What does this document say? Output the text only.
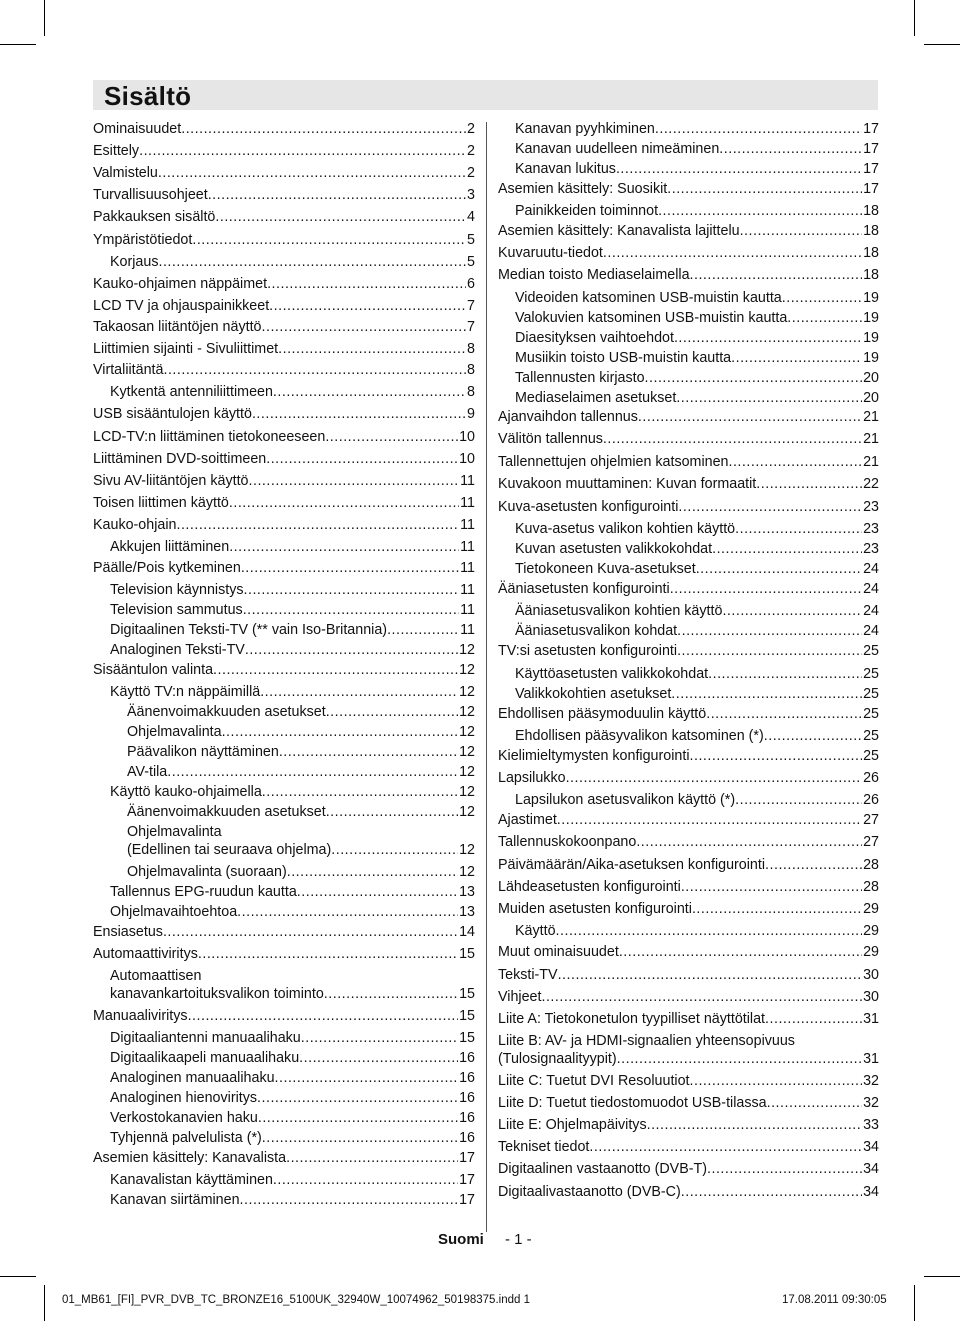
Sisältö
Ominaisuudet .....	2
Esittely .....	2
Valmistelu .....	2
Turvallisuusohjeet .....	3
Pakkauksen sisältö .....	4
Ympäristötiedot .....	5
Korjaus .....	5
Kauko-ohjaimen näppäimet .....	6
LCD TV ja ohjauspainikkeet .....	7
Takaosan liitäntöjen näyttö .....	7
Liittimien sijainti - Sivuliittimet .....	8
Virtaliitäntä .....	8
Kytkentä antenniliittimeen .....	8
USB sisääntulojen käyttö .....	9
LCD-TV:n liittäminen tietokoneeseen .....	10
Liittäminen DVD-soittimeen .....	10
Sivu AV-liitäntöjen käyttö .....	11
Toisen liittimen käyttö .....	11
Kauko-ohjain .....	11
Akkujen liittäminen .....	11
Päälle/Pois kytkeminen .....	11
Television käynnistys .....	11
Television sammutus .....	11
Digitaalinen Teksti-TV (** vain Iso-Britannia) .....	11
Analoginen Teksti-TV .....	12
Sisääntulon valinta .....	12
Käyttö TV:n näppäimillä .....	12
Äänenvoimakkuuden asetukset .....	12
Ohjelmavalinta .....	12
Päävalikon näyttäminen .....	12
AV-tila .....	12
Käyttö kauko-ohjaimella .....	12
Äänenvoimakkuuden asetukset .....	12
Ohjelmavalinta
(Edellinen tai seuraava ohjelma) .....	12
Ohjelmavalinta (suoraan) .....	12
Tallennus EPG-ruudun kautta .....	13
Ohjelmavaihtoehtoa .....	13
Ensiasetus .....	14
Automaattiviritys .....	15
Automaattisen
kanavankartoituksvalikon toiminto .....	15
Manuaaliviritys .....	15
Digitaaliantenni manuaalihaku .....	15
Digitaalikaapeli manuaalihaku .....	16
Analoginen manuaalihaku .....	16
Analoginen hienoviritys .....	16
Verkostokanavien haku .....	16
Tyhjennä palvelulista (*) .....	16
Asemien käsittely: Kanavalista .....	17
Kanavalistan käyttäminen .....	17
Kanavan siirtäminen .....	17
Kanavan pyyhkiminen .....	17
Kanavan uudelleen nimeäminen .....	17
Kanavan lukitus .....	17
Asemien käsittely: Suosikit .....	17
Painikkeiden toiminnot .....	18
Asemien käsittely: Kanavalista lajittelu .....	18
Kuvaruutu-tiedot .....	18
Median toisto Mediaselaimella .....	18
Videoiden katsominen USB-muistin kautta .....	19
Valokuvien katsominen USB-muistin kautta .....	19
Diaesityksen vaihtoehdot .....	19
Musiikin toisto USB-muistin kautta .....	19
Tallennusten kirjasto .....	20
Mediaselaimen asetukset .....	20
Ajanvaihdon tallennus .....	21
Välitön tallennus .....	21
Tallennettujen ohjelmien katsominen .....	21
Kuvakoon muuttaminen: Kuvan formaatit .....	22
Kuva-asetusten konfigurointi .....	23
Kuva-asetus valikon kohtien käyttö .....	23
Kuvan asetusten valikkokohdat .....	23
Tietokoneen Kuva-asetukset .....	24
Ääniasetusten konfigurointi .....	24
Ääniasetusvalikon kohtien käyttö .....	24
Ääniasetusvalikon kohdat .....	24
TV:si asetusten konfigurointi .....	25
Käyttöasetusten valikkokohdat .....	25
Valikkokohtien asetukset .....	25
Ehdollisen pääsymoduulin käyttö .....	25
Ehdollisen pääsyvalikon katsominen (*) .....	25
Kielimieltymysten konfigurointi .....	25
Lapsilukko .....	26
Lapsilukon asetusvalikon käyttö (*) .....	26
Ajastimet .....	27
Tallennuskokoonpano .....	27
Päivämäärän/Aika-asetuksen konfigurointi .....	28
Lähdeasetusten konfigurointi .....	28
Muiden asetusten konfigurointi .....	29
Käyttö .....	29
Muut ominaisuudet .....	29
Teksti-TV .....	30
Vihjeet .....	30
Liite A: Tietokonetulon tyypilliset näyttötilat .....	31
Liite B: AV- ja HDMI-signaalien yhteensopivuus
(Tulosignaalityypit) .....	31
Liite C: Tuetut DVI Resoluutiot .....	32
Liite D: Tuetut tiedostomuodot USB-tilassa .....	32
Liite E: Ohjelmapäivitys .....	33
Tekniset tiedot .....	34
Digitaalinen vastaanotto (DVB-T) .....	34
Digitaalivastaanotto (DVB-C) .....	34
Suomi - 1 -
01_MB61_[FI]_PVR_DVB_TC_BRONZE16_5100UK_32940W_10074962_50198375.indd 1	17.08.2011 09:30:05
